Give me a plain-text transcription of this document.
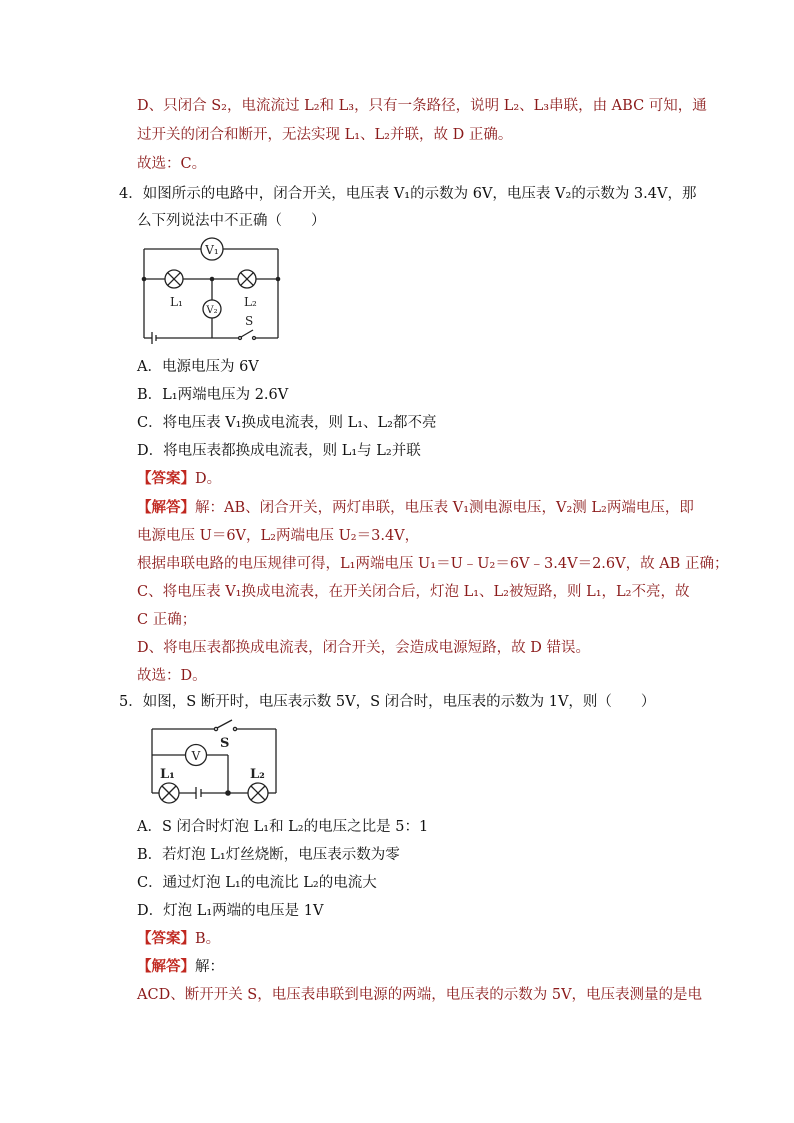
D、只闭合 S₂，电流流过 L₂和 L₃，只有一条路径，说明 L₂、L₃串联，由 ABC 可知，通
过开关的闭合和断开，无法实现 L₁、L₂并联，故 D 正确。
故选：C。
4．如图所示的电路中，闭合开关，电压表 V₁的示数为 6V，电压表 V₂的示数为 3.4V，那
么下列说法中不正确（　　）
V₁
L₁	L₂
V₂
S
A．电源电压为 6V
B．L₁两端电压为 2.6V
C．将电压表 V₁换成电流表，则 L₁、L₂都不亮
D．将电压表都换成电流表，则 L₁与 L₂并联
【答案】D。
【解答】解：AB、闭合开关，两灯串联，电压表 V₁测电源电压，V₂测 L₂两端电压，即
电源电压 U＝6V，L₂两端电压 U₂＝3.4V，
根据串联电路的电压规律可得，L₁两端电压 U₁＝U﹣U₂＝6V﹣3.4V＝2.6V，故 AB 正确；
C、将电压表 V₁换成电流表，在开关闭合后，灯泡 L₁、L₂被短路，则 L₁，L₂不亮，故
C 正确；
D、将电压表都换成电流表，闭合开关，会造成电源短路，故 D 错误。
故选：D。
5．如图，S 断开时，电压表示数 5V，S 闭合时，电压表的示数为 1V，则（　　）
S
V
L₁	L₂
A．S 闭合时灯泡 L₁和 L₂的电压之比是 5：1
B．若灯泡 L₁灯丝烧断，电压表示数为零
C．通过灯泡 L₁的电流比 L₂的电流大
D．灯泡 L₁两端的电压是 1V
【答案】B。
【解答】解：
ACD、断开开关 S，电压表串联到电源的两端，电压表的示数为 5V，电压表测量的是电
